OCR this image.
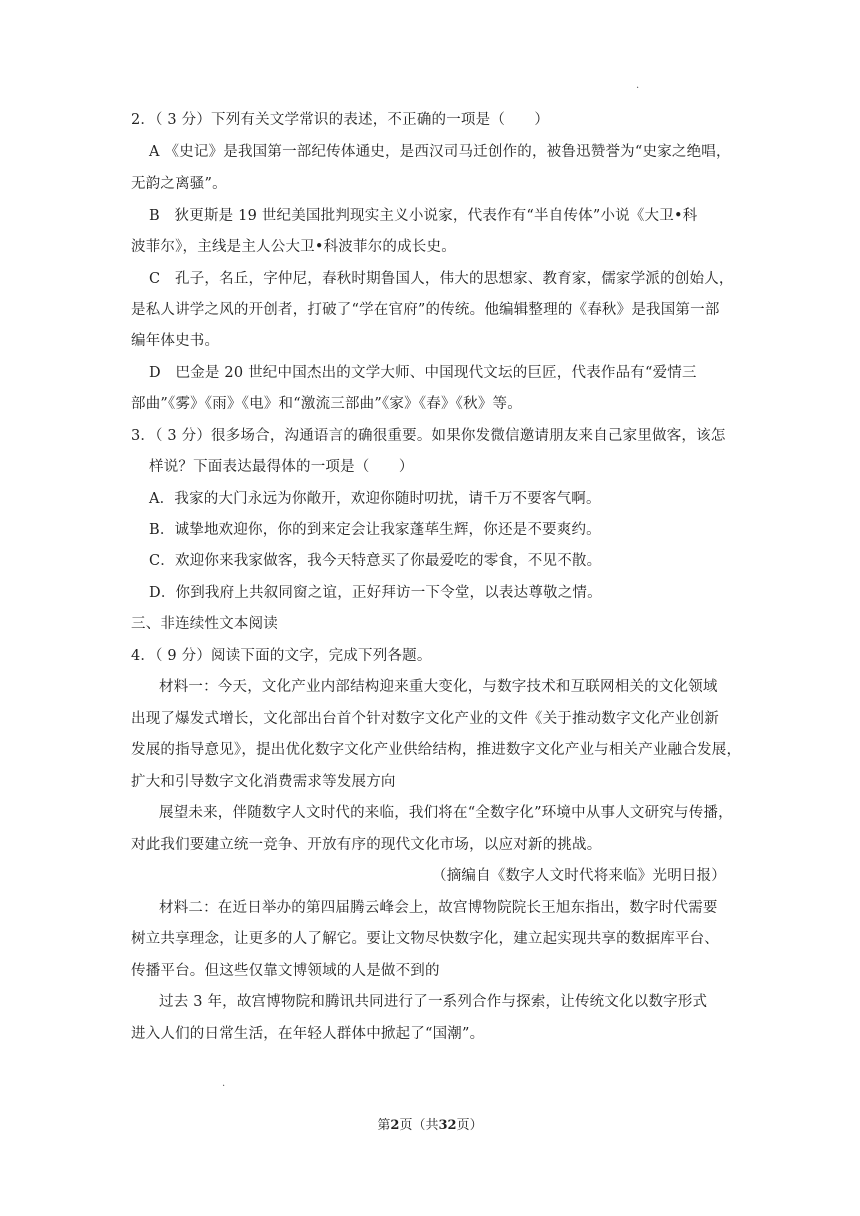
.
2．（ 3 分）下列有关文学常识的表述，不正确的一项是（　　）
A 《史记》是我国第一部纪传体通史，是西汉司马迁创作的，被鲁迅赞誉为“史家之绝唱，
无韵之离骚”。
B　狄更斯是 19 世纪美国批判现实主义小说家，代表作有“半自传体”小说《大卫•科
波菲尔》，主线是主人公大卫•科波菲尔的成长史。
C　孔子，名丘，字仲尼，春秋时期鲁国人，伟大的思想家、教育家，儒家学派的创始人，
是私人讲学之风的开创者，打破了“学在官府”的传统。他编辑整理的《春秋》是我国第一部
编年体史书。
D　巴金是 20 世纪中国杰出的文学大师、中国现代文坛的巨匠，代表作品有“爱情三
部曲”《雾》《雨》《电》和“激流三部曲”《家》《春》《秋》等。
3．（ 3 分）很多场合，沟通语言的确很重要。如果你发微信邀请朋友来自己家里做客，该怎
样说？下面表达最得体的一项是（　　）
A．我家的大门永远为你敞开，欢迎你随时叨扰，请千万不要客气啊。
B．诚挚地欢迎你，你的到来定会让我家蓬荜生辉，你还是不要爽约。
C．欢迎你来我家做客，我今天特意买了你最爱吃的零食，不见不散。
D．你到我府上共叙同窗之谊，正好拜访一下令堂，以表达尊敬之情。
三、非连续性文本阅读
4．（ 9 分）阅读下面的文字，完成下列各题。
材料一：今天，文化产业内部结构迎来重大变化，与数字技术和互联网相关的文化领域
出现了爆发式增长，文化部出台首个针对数字文化产业的文件《关于推动数字文化产业创新
发展的指导意见》，提出优化数字文化产业供给结构，推进数字文化产业与相关产业融合发展，
扩大和引导数字文化消费需求等发展方向
展望未来，伴随数字人文时代的来临，我们将在“全数字化”环境中从事人文研究与传播，
对此我们要建立统一竞争、开放有序的现代文化市场，以应对新的挑战。
（摘编自《数字人文时代将来临》光明日报）
材料二：在近日举办的第四届腾云峰会上，故宫博物院院长王旭东指出，数字时代需要
树立共享理念，让更多的人了解它。要让文物尽快数字化，建立起实现共享的数据库平台、
传播平台。但这些仅靠文博领域的人是做不到的
过去 3 年，故宫博物院和腾讯共同进行了一系列合作与探索，让传统文化以数字形式
进入人们的日常生活，在年轻人群体中掀起了“国潮”。
.
第2页（共32页）
